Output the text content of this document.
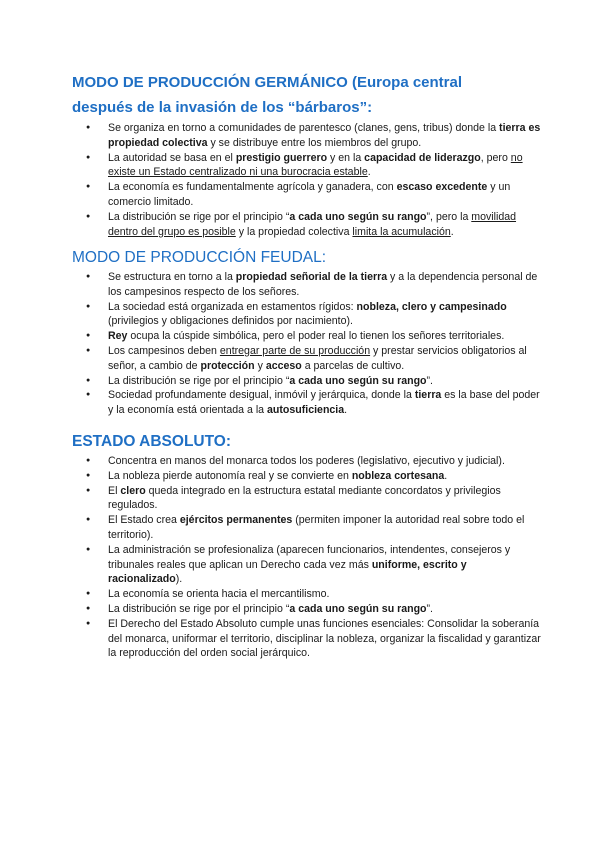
MODO DE PRODUCCIÓN GERMÁNICO (Europa central
después de la invasión de los “bárbaros”:
● Se organiza en torno a comunidades de parentesco (clanes, gens, tribus) donde la tierra es propiedad colectiva y se distribuye entre los miembros del grupo.
● La autoridad se basa en el prestigio guerrero y en la capacidad de liderazgo, pero no existe un Estado centralizado ni una burocracia estable.
● La economía es fundamentalmente agrícola y ganadera, con escaso excedente y un comercio limitado.
● La distribución se rige por el principio “a cada uno según su rango”, pero la movilidad dentro del grupo es posible y la propiedad colectiva limita la acumulación.
MODO DE PRODUCCIÓN FEUDAL:
● Se estructura en torno a la propiedad señorial de la tierra y a la dependencia personal de los campesinos respecto de los señores.
● La sociedad está organizada en estamentos rígidos: nobleza, clero y campesinado (privilegios y obligaciones definidos por nacimiento).
● Rey ocupa la cúspide simbólica, pero el poder real lo tienen los señores territoriales.
● Los campesinos deben entregar parte de su producción y prestar servicios obligatorios al señor, a cambio de protección y acceso a parcelas de cultivo.
● La distribución se rige por el principio “a cada uno según su rango”.
● Sociedad profundamente desigual, inmóvil y jerárquica, donde la tierra es la base del poder y la economía está orientada a la autosuficiencia.
ESTADO ABSOLUTO:
● Concentra en manos del monarca todos los poderes (legislativo, ejecutivo y judicial).
● La nobleza pierde autonomía real y se convierte en nobleza cortesana.
● El clero queda integrado en la estructura estatal mediante concordatos y privilegios regulados.
● El Estado crea ejércitos permanentes (permiten imponer la autoridad real sobre todo el territorio).
● La administración se profesionaliza (aparecen funcionarios, intendentes, consejeros y tribunales reales que aplican un Derecho cada vez más uniforme, escrito y racionalizado).
● La economía se orienta hacia el mercantilismo.
● La distribución se rige por el principio “a cada uno según su rango”.
● El Derecho del Estado Absoluto cumple unas funciones esenciales: Consolidar la soberanía del monarca, uniformar el territorio, disciplinar la nobleza, organizar la fiscalidad y garantizar la reproducción del orden social jerárquico.
